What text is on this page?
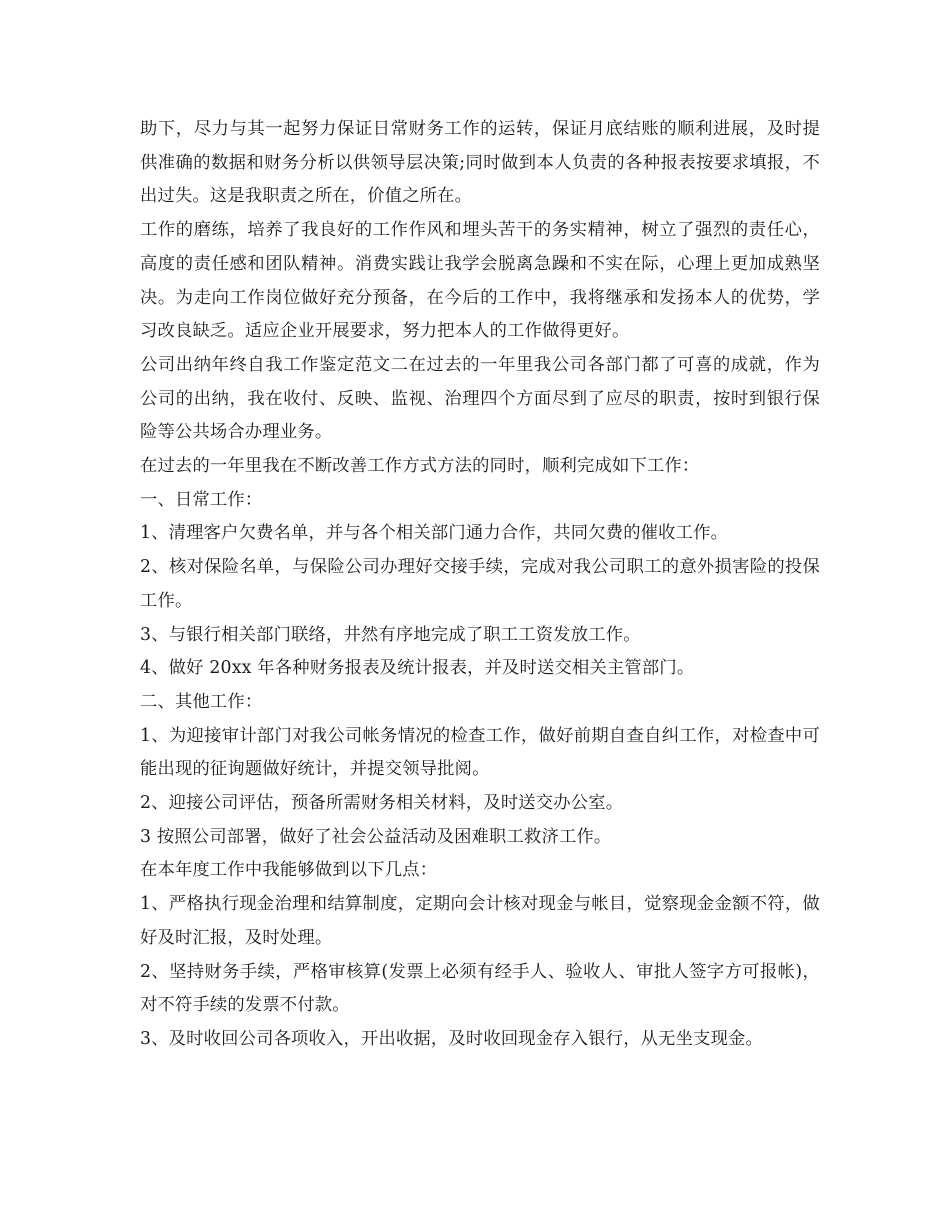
助下，尽力与其一起努力保证日常财务工作的运转，保证月底结账的顺利进展，及时提供准确的数据和财务分析以供领导层决策;同时做到本人负责的各种报表按要求填报，不出过失。这是我职责之所在，价值之所在。

工作的磨练，培养了我良好的工作作风和埋头苦干的务实精神，树立了强烈的责任心，高度的责任感和团队精神。消费实践让我学会脱离急躁和不实在际，心理上更加成熟坚决。为走向工作岗位做好充分预备，在今后的工作中，我将继承和发扬本人的优势，学习改良缺乏。适应企业开展要求，努力把本人的工作做得更好。

公司出纳年终自我工作鉴定范文二在过去的一年里我公司各部门都了可喜的成就，作为公司的出纳，我在收付、反映、监视、治理四个方面尽到了应尽的职责，按时到银行保险等公共场合办理业务。

在过去的一年里我在不断改善工作方式方法的同时，顺利完成如下工作：

一、日常工作：

1、清理客户欠费名单，并与各个相关部门通力合作，共同欠费的催收工作。

2、核对保险名单，与保险公司办理好交接手续，完成对我公司职工的意外损害险的投保工作。

3、与银行相关部门联络，井然有序地完成了职工工资发放工作。

4、做好 20xx 年各种财务报表及统计报表，并及时送交相关主管部门。

二、其他工作：

1、为迎接审计部门对我公司帐务情况的检查工作，做好前期自查自纠工作，对检查中可能出现的征询题做好统计，并提交领导批阅。

2、迎接公司评估，预备所需财务相关材料，及时送交办公室。

3 按照公司部署，做好了社会公益活动及困难职工救济工作。

在本年度工作中我能够做到以下几点：

1、严格执行现金治理和结算制度，定期向会计核对现金与帐目，觉察现金金额不符，做好及时汇报，及时处理。

2、坚持财务手续，严格审核算(发票上必须有经手人、验收人、审批人签字方可报帐)，对不符手续的发票不付款。

3、及时收回公司各项收入，开出收据，及时收回现金存入银行，从无坐支现金。
